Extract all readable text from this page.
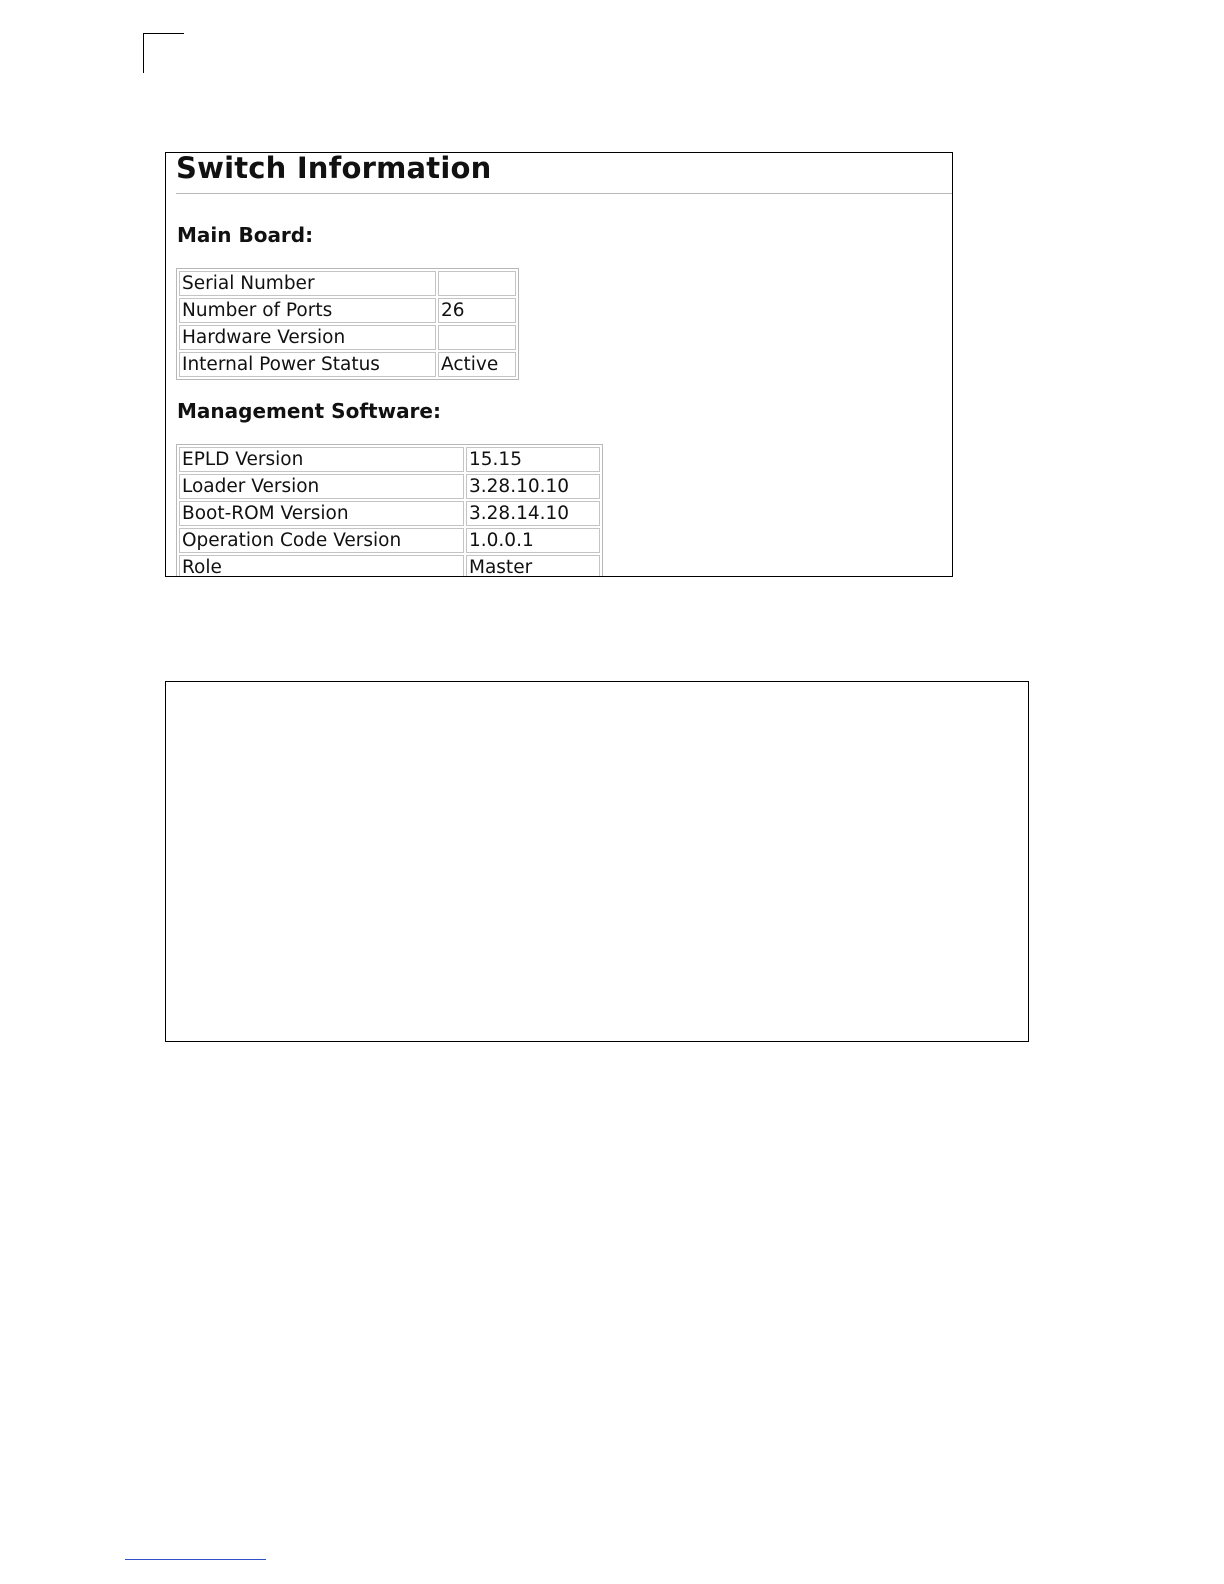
Switch Information
Main Board:
Serial Number	
Number of Ports	26
Hardware Version	
Internal Power Status	Active
Management Software:
EPLD Version	15.15
Loader Version	3.28.10.10
Boot-ROM Version	3.28.14.10
Operation Code Version	1.0.0.1
Role	Master
